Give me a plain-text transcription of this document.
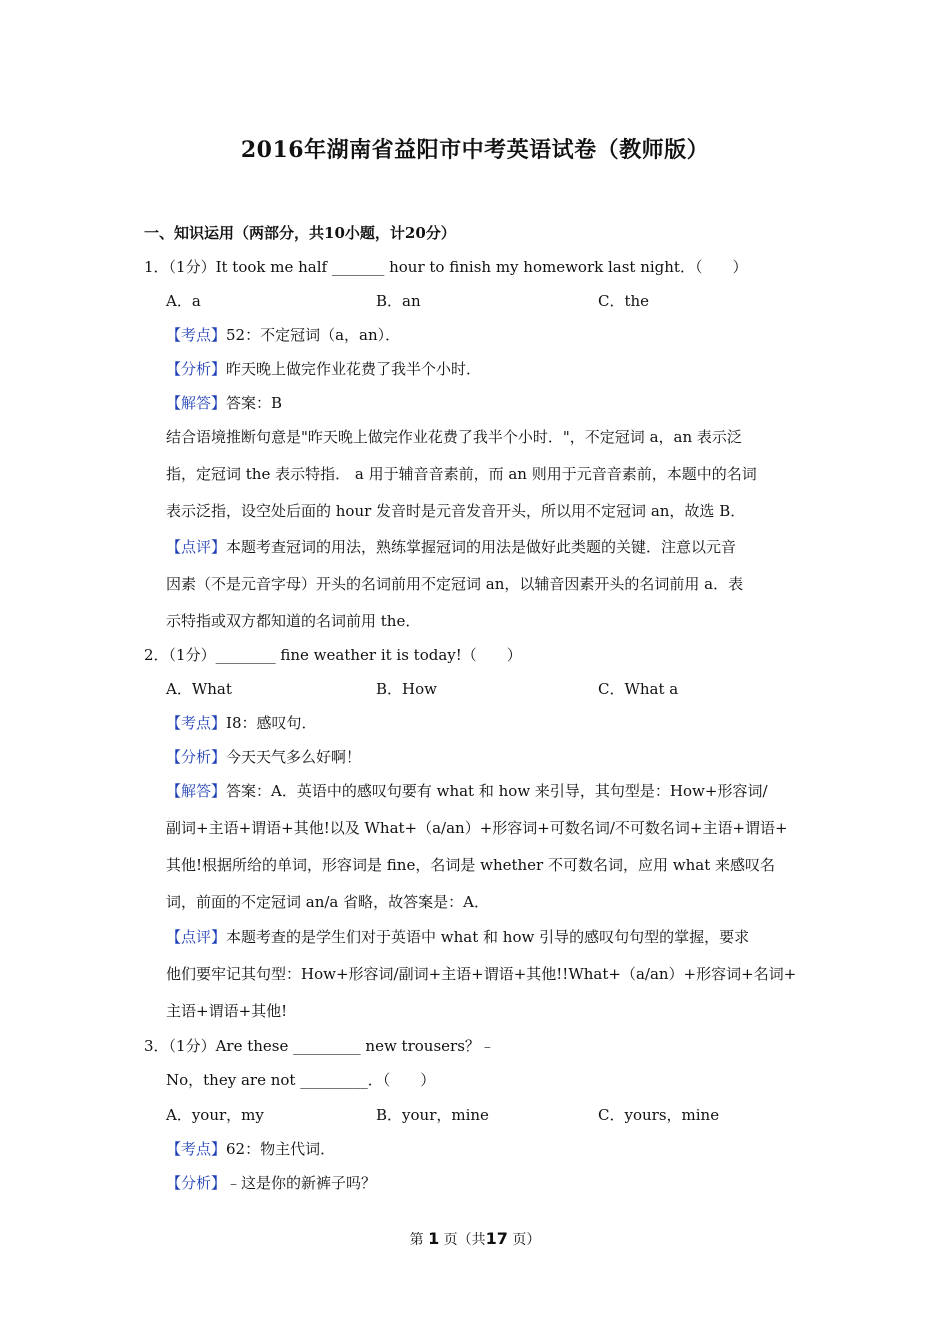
2016年湖南省益阳市中考英语试卷（教师版）
一、知识运用（两部分，共10小题，计20分）
1．（1分）It took me half _______ hour to finish my homework last night．（　　）
A．a	B．an	C．the
【考点】52：不定冠词（a，an）．
【分析】昨天晚上做完作业花费了我半个小时．
【解答】答案：B
结合语境推断句意是"昨天晚上做完作业花费了我半个小时．"，不定冠词 a，an 表示泛
指，定冠词 the 表示特指． a 用于辅音音素前，而 an 则用于元音音素前，本题中的名词
表示泛指，设空处后面的 hour 发音时是元音发音开头，所以用不定冠词 an，故选 B．
【点评】本题考查冠词的用法，熟练掌握冠词的用法是做好此类题的关键．注意以元音
因素（不是元音字母）开头的名词前用不定冠词 an，以辅音因素开头的名词前用 a．表
示特指或双方都知道的名词前用 the．
2．（1分）________ fine weather it is today!（　　）
A．What	B．How	C．What a
【考点】I8：感叹句．
【分析】今天天气多么好啊！
【解答】答案：A．英语中的感叹句要有 what 和 how 来引导，其句型是：How+形容词/
副词+主语+谓语+其他!以及 What+（a/an）+形容词+可数名词/不可数名词+主语+谓语+
其他!根据所给的单词，形容词是 fine，名词是 whether 不可数名词，应用 what 来感叹名
词，前面的不定冠词 an/a 省略，故答案是：A．
【点评】本题考查的是学生们对于英语中 what 和 how 引导的感叹句句型的掌握，要求
他们要牢记其句型：How+形容词/副词+主语+谓语+其他!!What+（a/an）+形容词+名词+
主语+谓语+其他!
3．（1分）Are these _________ new trousers？﹣
No，they are not _________．（　　）
A．your，my	B．your，mine	C．yours，mine
【考点】62：物主代词．
【分析】﹣这是你的新裤子吗？
第 1 页（共17 页）
